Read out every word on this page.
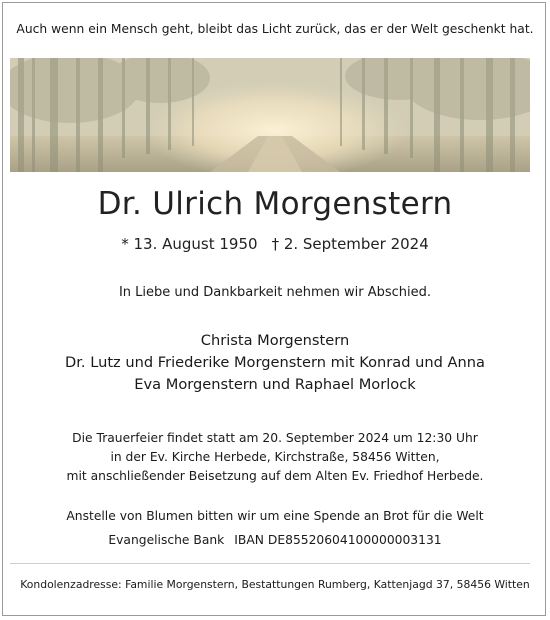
Auch wenn ein Mensch geht, bleibt das Licht zurück, das er der Welt geschenkt hat.
Dr. Ulrich Morgenstern
* 13. August 1950 † 2. September 2024
In Liebe und Dankbarkeit nehmen wir Abschied.
Christa Morgenstern
Dr. Lutz und Friederike Morgenstern mit Konrad und Anna
Eva Morgenstern und Raphael Morlock
Die Trauerfeier findet statt am 20. September 2024 um 12:30 Uhr
in der Ev. Kirche Herbede, Kirchstraße, 58456 Witten,
mit anschließender Beisetzung auf dem Alten Ev. Friedhof Herbede.
Anstelle von Blumen bitten wir um eine Spende an Brot für die Welt
Evangelische Bank IBAN DE85520604100000003131
Kondolenzadresse: Familie Morgenstern, Bestattungen Rumberg, Kattenjagd 37, 58456 Witten
